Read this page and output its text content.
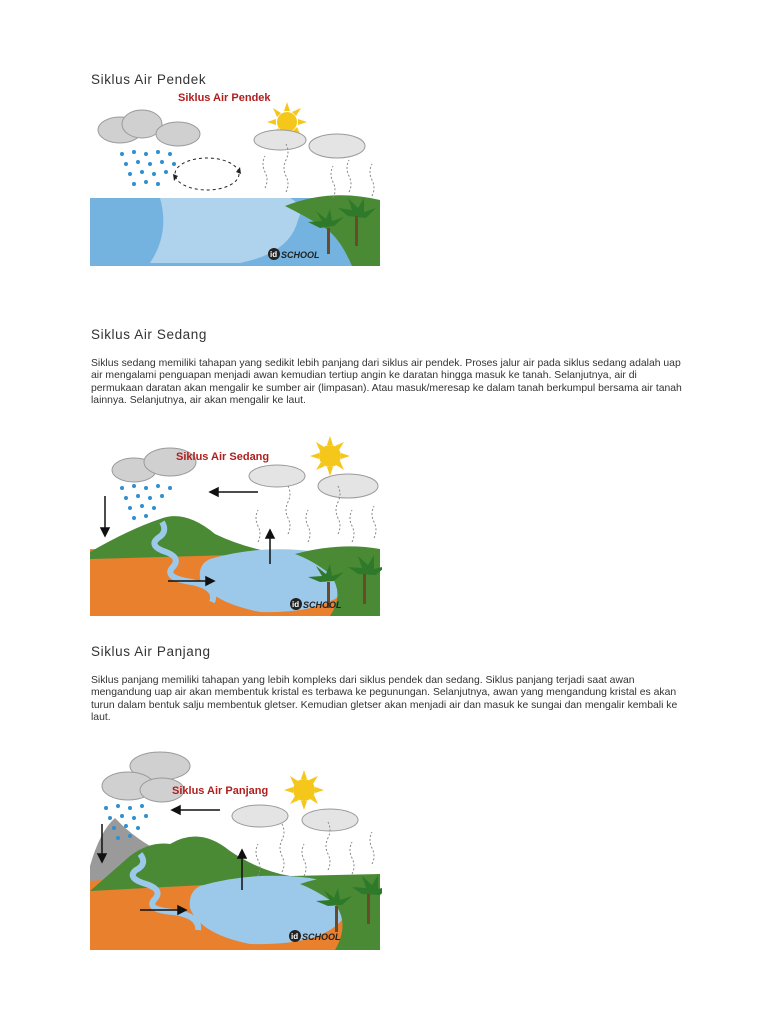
Siklus Air Pendek
Siklus Air Pendek
id SCHOOL
Siklus Air Sedang

Siklus sedang memiliki tahapan yang sedikit lebih panjang dari siklus air pendek. Proses jalur air pada siklus sedang adalah uap air mengalami penguapan menjadi awan kemudian tertiup angin ke daratan hingga masuk ke tanah. Selanjutnya, air di permukaan daratan akan mengalir ke sumber air (limpasan). Atau masuk/meresap ke dalam tanah berkumpul bersama air tanah lainnya. Selanjutnya, air akan mengalir ke laut.

Siklus Air Sedang
id SCHOOL
Siklus Air Panjang

Siklus panjang memiliki tahapan yang lebih kompleks dari siklus pendek dan sedang. Siklus panjang terjadi saat awan mengandung uap air akan membentuk kristal es terbawa ke pegunungan. Selanjutnya, awan yang mengandung kristal es akan turun dalam bentuk salju membentuk gletser. Kemudian gletser akan menjadi air dan masuk ke sungai dan mengalir kembali ke laut.

Siklus Air Panjang
id SCHOOL
